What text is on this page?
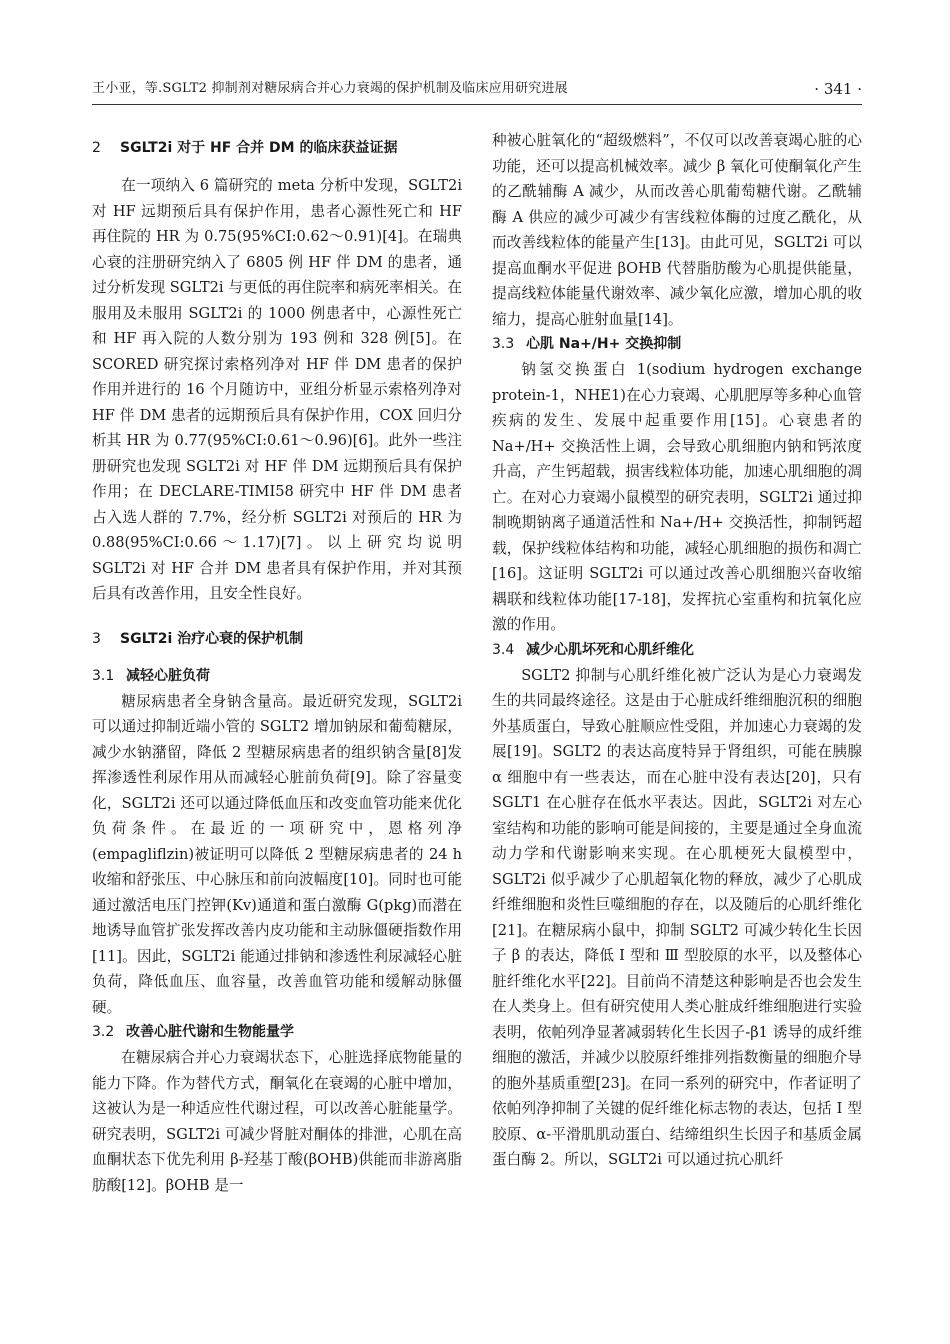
王小亚，等.SGLT2 抑制剂对糖尿病合并心力衰竭的保护机制及临床应用研究进展	· 341 ·
2 SGLT2i 对于 HF 合并 DM 的临床获益证据

在一项纳入 6 篇研究的 meta 分析中发现，SGLT2i 对 HF 远期预后具有保护作用，患者心源性死亡和 HF 再住院的 HR 为 0.75(95%CI:0.62～0.91)[4]。在瑞典心衰的注册研究纳入了 6805 例 HF 伴 DM 的患者，通过分析发现 SGLT2i 与更低的再住院率和病死率相关。在服用及未服用 SGLT2i 的 1000 例患者中，心源性死亡和 HF 再入院的人数分别为 193 例和 328 例[5]。在 SCORED 研究探讨索格列净对 HF 伴 DM 患者的保护作用并进行的 16 个月随访中，亚组分析显示索格列净对 HF 伴 DM 患者的远期预后具有保护作用，COX 回归分析其 HR 为 0.77(95%CI:0.61～0.96)[6]。此外一些注册研究也发现 SGLT2i 对 HF 伴 DM 远期预后具有保护作用；在 DECLARE-TIMI58 研究中 HF 伴 DM 患者占入选人群的 7.7%，经分析 SGLT2i 对预后的 HR 为 0.88(95%CI:0.66～1.17)[7]。以上研究均说明 SGLT2i 对 HF 合并 DM 患者具有保护作用，并对其预后具有改善作用，且安全性良好。

3 SGLT2i 治疗心衰的保护机制
3.1 减轻心脏负荷

糖尿病患者全身钠含量高。最近研究发现，SGLT2i 可以通过抑制近端小管的 SGLT2 增加钠尿和葡萄糖尿，减少水钠潴留，降低 2 型糖尿病患者的组织钠含量[8]发挥渗透性利尿作用从而减轻心脏前负荷[9]。除了容量变化，SGLT2i 还可以通过降低血压和改变血管功能来优化负荷条件。在最近的一项研究中，恩格列净(empagliflzin)被证明可以降低 2 型糖尿病患者的 24 h 收缩和舒张压、中心脉压和前向波幅度[10]。同时也可能通过激活电压门控钾(Kv)通道和蛋白激酶 G(pkg)而潜在地诱导血管扩张发挥改善内皮功能和主动脉僵硬指数作用[11]。因此，SGLT2i 能通过排钠和渗透性利尿减轻心脏负荷，降低血压、血容量，改善血管功能和缓解动脉僵硬。

3.2 改善心脏代谢和生物能量学

在糖尿病合并心力衰竭状态下，心脏选择底物能量的能力下降。作为替代方式，酮氧化在衰竭的心脏中增加，这被认为是一种适应性代谢过程，可以改善心脏能量学。研究表明，SGLT2i 可减少肾脏对酮体的排泄，心肌在高血酮状态下优先利用 β-羟基丁酸(βOHB)供能而非游离脂肪酸[12]。βOHB 是一

种被心脏氧化的“超级燃料”，不仅可以改善衰竭心脏的心功能，还可以提高机械效率。减少 β 氧化可使酮氧化产生的乙酰辅酶 A 减少，从而改善心肌葡萄糖代谢。乙酰辅酶 A 供应的减少可减少有害线粒体酶的过度乙酰化，从而改善线粒体的能量产生[13]。由此可见，SGLT2i 可以提高血酮水平促进 βOHB 代替脂肪酸为心肌提供能量，提高线粒体能量代谢效率、减少氧化应激，增加心肌的收缩力，提高心脏射血量[14]。

3.3 心肌 Na+/H+ 交换抑制

钠氢交换蛋白 1(sodium hydrogen exchange protein-1，NHE1)在心力衰竭、心肌肥厚等多种心血管疾病的发生、发展中起重要作用[15]。心衰患者的 Na+/H+ 交换活性上调，会导致心肌细胞内钠和钙浓度升高，产生钙超载，损害线粒体功能，加速心肌细胞的凋亡。在对心力衰竭小鼠模型的研究表明，SGLT2i 通过抑制晚期钠离子通道活性和 Na+/H+ 交换活性，抑制钙超载，保护线粒体结构和功能，减轻心肌细胞的损伤和凋亡[16]。这证明 SGLT2i 可以通过改善心肌细胞兴奋收缩耦联和线粒体功能[17-18]，发挥抗心室重构和抗氧化应激的作用。

3.4 减少心肌坏死和心肌纤维化

SGLT2 抑制与心肌纤维化被广泛认为是心力衰竭发生的共同最终途径。这是由于心脏成纤维细胞沉积的细胞外基质蛋白，导致心脏顺应性受阻，并加速心力衰竭的发展[19]。SGLT2 的表达高度特异于肾组织，可能在胰腺 α 细胞中有一些表达，而在心脏中没有表达[20]，只有 SGLT1 在心脏存在低水平表达。因此，SGLT2i 对左心室结构和功能的影响可能是间接的，主要是通过全身血流动力学和代谢影响来实现。在心肌梗死大鼠模型中，SGLT2i 似乎减少了心肌超氧化物的释放，减少了心肌成纤维细胞和炎性巨噬细胞的存在，以及随后的心肌纤维化[21]。在糖尿病小鼠中，抑制 SGLT2 可减少转化生长因子 β 的表达，降低 Ⅰ 型和 Ⅲ 型胶原的水平，以及整体心脏纤维化水平[22]。目前尚不清楚这种影响是否也会发生在人类身上。但有研究使用人类心脏成纤维细胞进行实验表明，依帕列净显著减弱转化生长因子-β1 诱导的成纤维细胞的激活，并减少以胶原纤维排列指数衡量的细胞介导的胞外基质重塑[23]。在同一系列的研究中，作者证明了依帕列净抑制了关键的促纤维化标志物的表达，包括 Ⅰ 型胶原、α-平滑肌肌动蛋白、结缔组织生长因子和基质金属蛋白酶 2。所以，SGLT2i 可以通过抗心肌纤
